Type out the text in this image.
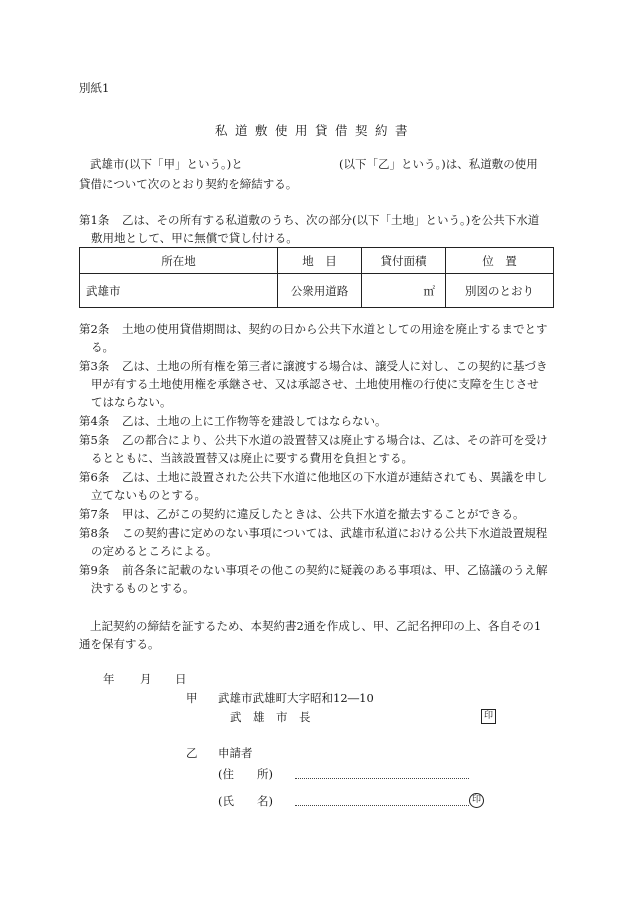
別紙1
私道敷使用貸借契約書
武雄市(以下「甲」という。)と	(以下「乙」という。)は、私道敷の使用
貸借について次のとおり契約を締結する。
第1条 乙は、その所有する私道敷のうち、次の部分(以下「土地」という。)を公共下水道
敷用地として、甲に無償で貸し付ける。
所在地	地　目	貸付面積	位　置
武雄市	公衆用道路	㎡	別図のとおり
第2条 土地の使用貸借期間は、契約の日から公共下水道としての用途を廃止するまでとす
る。
第3条 乙は、土地の所有権を第三者に譲渡する場合は、譲受人に対し、この契約に基づき
甲が有する土地使用権を承継させ、又は承認させ、土地使用権の行使に支障を生じさせ
てはならない。
第4条 乙は、土地の上に工作物等を建設してはならない。
第5条 乙の都合により、公共下水道の設置替又は廃止する場合は、乙は、その許可を受け
るとともに、当該設置替又は廃止に要する費用を負担とする。
第6条 乙は、土地に設置された公共下水道に他地区の下水道が連結されても、異議を申し
立てないものとする。
第7条 甲は、乙がこの契約に違反したときは、公共下水道を撤去することができる。
第8条 この契約書に定めのない事項については、武雄市私道における公共下水道設置規程
の定めるところによる。
第9条 前各条に記載のない事項その他この契約に疑義のある事項は、甲、乙協議のうえ解
決するものとする。
上記契約の締結を証するため、本契約書2通を作成し、甲、乙記名押印の上、各自その1
通を保有する。
年 月 日
甲 武雄市武雄町大字昭和12―10
武　雄　市　長	印
乙 申請者
(住　　所)
(氏　　名)	印
